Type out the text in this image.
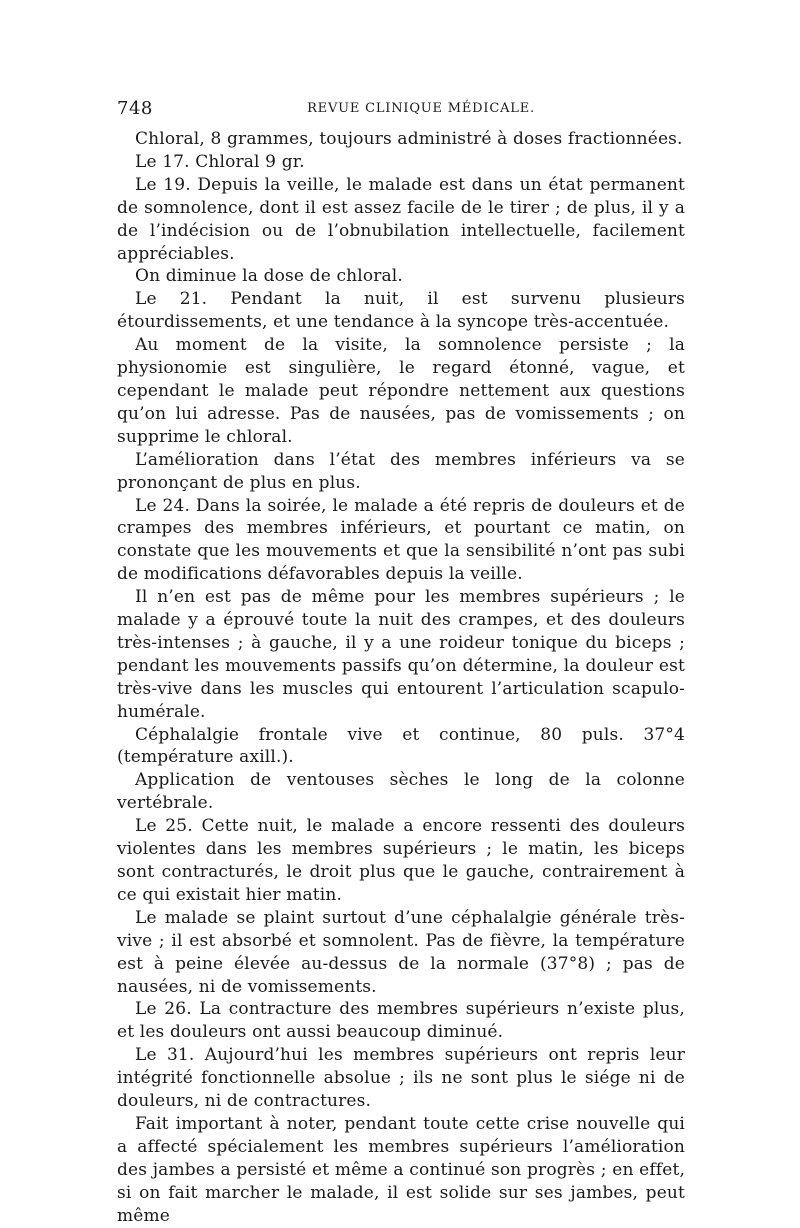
748	REVUE CLINIQUE MÉDICALE.

Chloral, 8 grammes, toujours administré à doses fractionnées.

Le 17. Chloral 9 gr.

Le 19. Depuis la veille, le malade est dans un état permanent de somnolence, dont il est assez facile de le tirer ; de plus, il y a de l’indécision ou de l’obnubilation intellectuelle, facilement appréciables.

On diminue la dose de chloral.

Le 21. Pendant la nuit, il est survenu plusieurs étourdissements, et une tendance à la syncope très-accentuée.

Au moment de la visite, la somnolence persiste ; la physionomie est singulière, le regard étonné, vague, et cependant le malade peut répondre nettement aux questions qu’on lui adresse. Pas de nausées, pas de vomissements ; on supprime le chloral.

L’amélioration dans l’état des membres inférieurs va se prononçant de plus en plus.

Le 24. Dans la soirée, le malade a été repris de douleurs et de crampes des membres inférieurs, et pourtant ce matin, on constate que les mouvements et que la sensibilité n’ont pas subi de modifications défavorables depuis la veille.

Il n’en est pas de même pour les membres supérieurs ; le malade y a éprouvé toute la nuit des crampes, et des douleurs très-intenses ; à gauche, il y a une roideur tonique du biceps ; pendant les mouvements passifs qu’on détermine, la douleur est très-vive dans les muscles qui entourent l’articulation scapulo-humérale.

Céphalalgie frontale vive et continue, 80 puls. 37°4 (température axill.).

Application de ventouses sèches le long de la colonne vertébrale.

Le 25. Cette nuit, le malade a encore ressenti des douleurs violentes dans les membres supérieurs ; le matin, les biceps sont contracturés, le droit plus que le gauche, contrairement à ce qui existait hier matin.

Le malade se plaint surtout d’une céphalalgie générale très-vive ; il est absorbé et somnolent. Pas de fièvre, la température est à peine élevée au-dessus de la normale (37°8) ; pas de nausées, ni de vomissements.

Le 26. La contracture des membres supérieurs n’existe plus, et les douleurs ont aussi beaucoup diminué.

Le 31. Aujourd’hui les membres supérieurs ont repris leur intégrité fonctionnelle absolue ; ils ne sont plus le siége ni de douleurs, ni de contractures.

Fait important à noter, pendant toute cette crise nouvelle qui a affecté spécialement les membres supérieurs l’amélioration des jambes a persisté et même a continué son progrès ; en effet, si on fait marcher le malade, il est solide sur ses jambes, peut même
